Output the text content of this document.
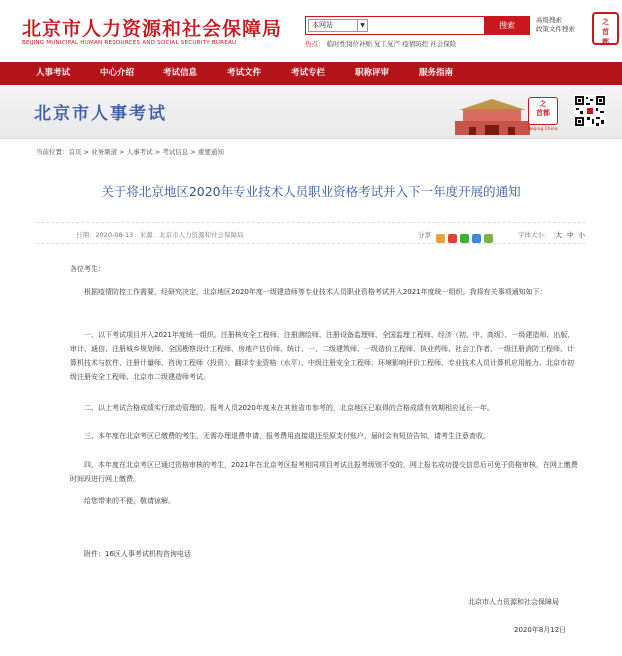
北京市人力资源和社会保障局
BEIJING MUNICIPAL HUMAN RESOURCES AND SOCIAL SECURITY BUREAU
本网站	▼	搜索
高级搜索
政策文件搜索
热点： 临时性岗位补贴 复工复产 疫情防控 社会保险
之
首
都
人事考试	中心介绍	考试信息	考试文件	考试专栏	职称评审	服务指南
北京市人事考试	之
首都
Beijing China
当前位置：首页 > 业务频道 > 人事考试 > 考试信息 > 重要通知
关于将北京地区2020年专业技术人员职业资格考试并入下一年度开展的通知
日期：2020-08-13 来源：北京市人力资源和社会保障局	分享	字体大小： 大 中 小
各位考生：
根据疫情防控工作需要，经研究决定，北京地区2020年度一级建造师等专业技术人员职业资格考试并入2021年度统一组织。我将有关事项通知如下：
一、以下考试项目并入2021年度统一组织。注册核安全工程师、注册测绘师、注册设备监理师、全国监理工程师、经济（初、中、高级）、一级建造师、出版、审计、通信、注册城乡规划师、全国勘察设计工程师、房地产估价师、统计、一、二级建筑师、一级造价工程师、执业药师、社会工作者、一级注册消防工程师、计算机技术与软件、注册计量师、咨询工程师（投资）、翻译专业资格（水平）、中级注册安全工程师、环境影响评价工程师、专业技术人员计算机应用能力、北京市初级注册安全工程师、北京市二级建造师考试。
二、以上考试合格成绩实行滚动管理的，报考人员2020年度未在其他省市参考的，北京地区已取得的合格成绩有效期相应延长一年。
三、本年度在北京考区已缴费的考生，无需办理退费申请，报考费用直接退还至原支付账户，届时会有短信告知，请考生注意查收。
四、本年度在北京考区已通过资格审核的考生，2021年在北京考区报考相同项目考试且报考级别不变的，网上报名成功提交信息后可免于资格审核，在网上缴费时间段进行网上缴费。
给您带来的不便，敬请谅解。
附件：16区人事考试机构咨询电话
北京市人力资源和社会保障局
2020年8月12日
